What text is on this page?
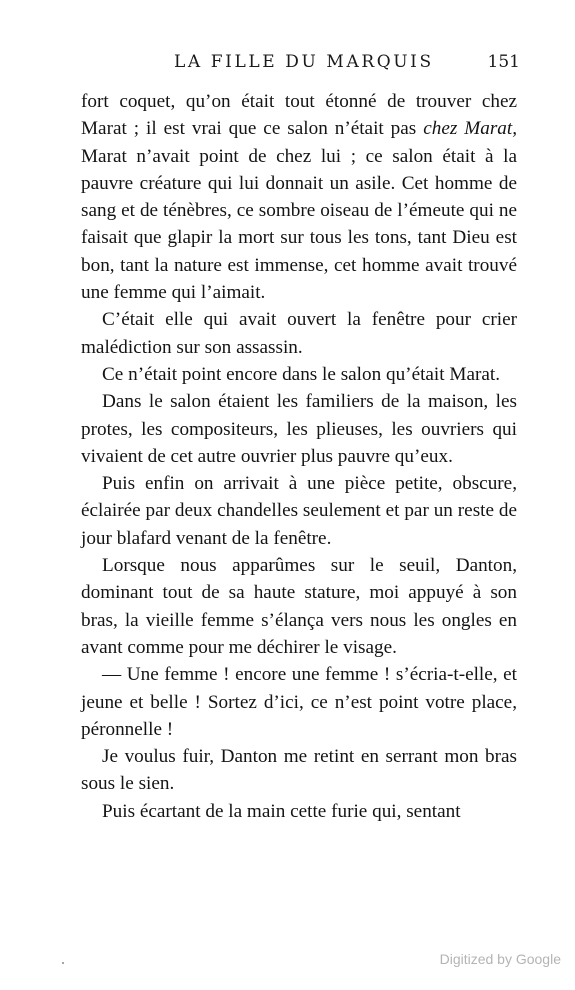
LA FILLE DU MARQUIS	151

fort coquet, qu’on était tout étonné de trouver chez Marat ; il est vrai que ce salon n’était pas chez Marat, Marat n’avait point de chez lui ; ce salon était à la pauvre créature qui lui donnait un asile. Cet homme de sang et de ténèbres, ce sombre oiseau de l’émeute qui ne faisait que glapir la mort sur tous les tons, tant Dieu est bon, tant la nature est immense, cet homme avait trouvé une femme qui l’aimait.

C’était elle qui avait ouvert la fenêtre pour crier malédiction sur son assassin.

Ce n’était point encore dans le salon qu’était Marat.

Dans le salon étaient les familiers de la maison, les protes, les compositeurs, les plieuses, les ouvriers qui vivaient de cet autre ouvrier plus pauvre qu’eux.

Puis enfin on arrivait à une pièce petite, obscure, éclairée par deux chandelles seulement et par un reste de jour blafard venant de la fenêtre.

Lorsque nous apparûmes sur le seuil, Danton, dominant tout de sa haute stature, moi appuyé à son bras, la vieille femme s’élança vers nous les ongles en avant comme pour me déchirer le visage.

— Une femme ! encore une femme ! s’écria-t-elle, et jeune et belle ! Sortez d’ici, ce n’est point votre place, péronnelle !

Je voulus fuir, Danton me retint en serrant mon bras sous le sien.

Puis écartant de la main cette furie qui, sentant

Digitized by Google
